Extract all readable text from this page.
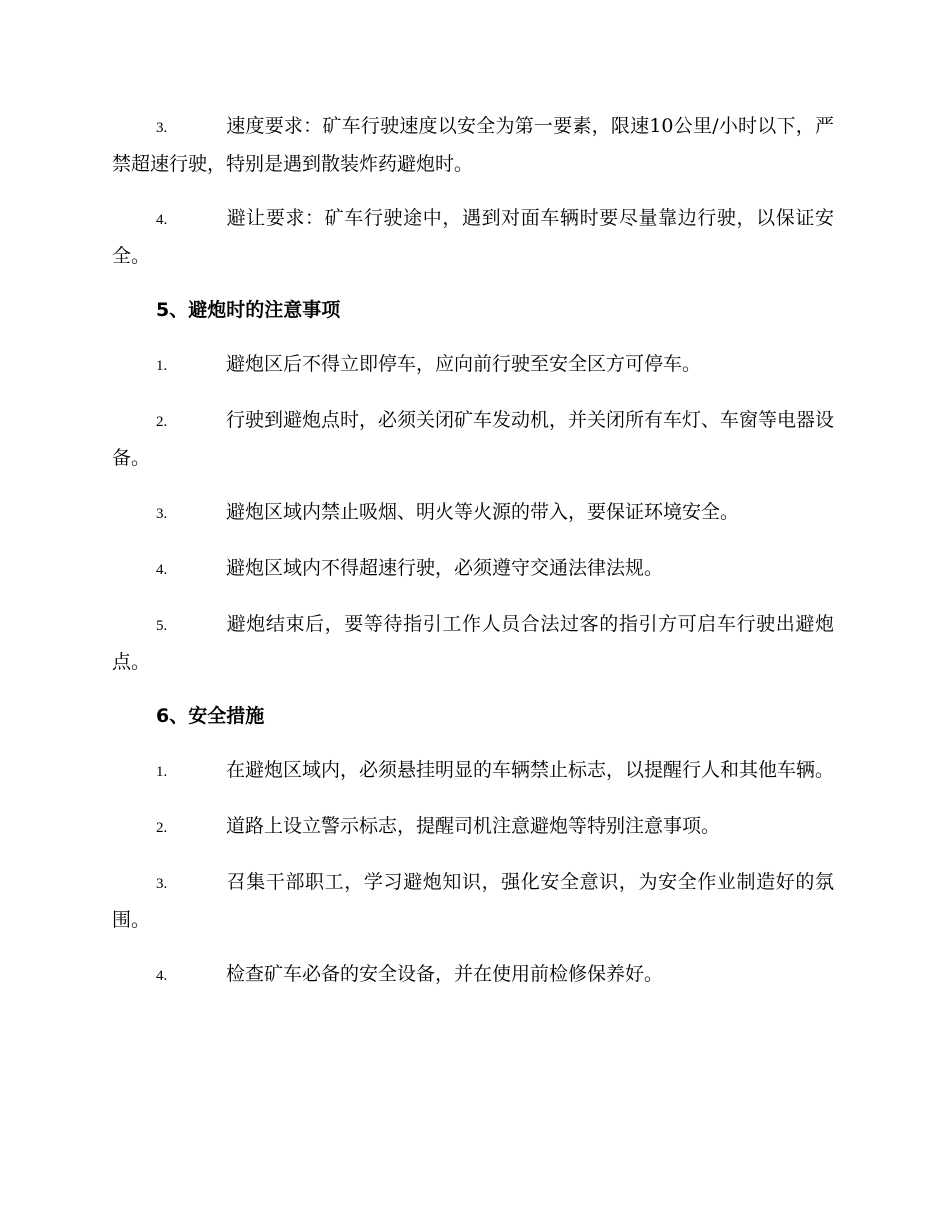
3.	速度要求：矿车行驶速度以安全为第一要素，限速10公里/小时以下，严禁超速行驶，特别是遇到散装炸药避炮时。

4.	避让要求：矿车行驶途中，遇到对面车辆时要尽量靠边行驶，以保证安全。

5、避炮时的注意事项

1.	避炮区后不得立即停车，应向前行驶至安全区方可停车。

2.	行驶到避炮点时，必须关闭矿车发动机，并关闭所有车灯、车窗等电器设备。

3.	避炮区域内禁止吸烟、明火等火源的带入，要保证环境安全。

4.	避炮区域内不得超速行驶，必须遵守交通法律法规。

5.	避炮结束后，要等待指引工作人员合法过客的指引方可启车行驶出避炮点。

6、安全措施

1.	在避炮区域内，必须悬挂明显的车辆禁止标志，以提醒行人和其他车辆。

2.	道路上设立警示标志，提醒司机注意避炮等特别注意事项。

3.	召集干部职工，学习避炮知识，强化安全意识，为安全作业制造好的氛围。

4.	检查矿车必备的安全设备，并在使用前检修保养好。
